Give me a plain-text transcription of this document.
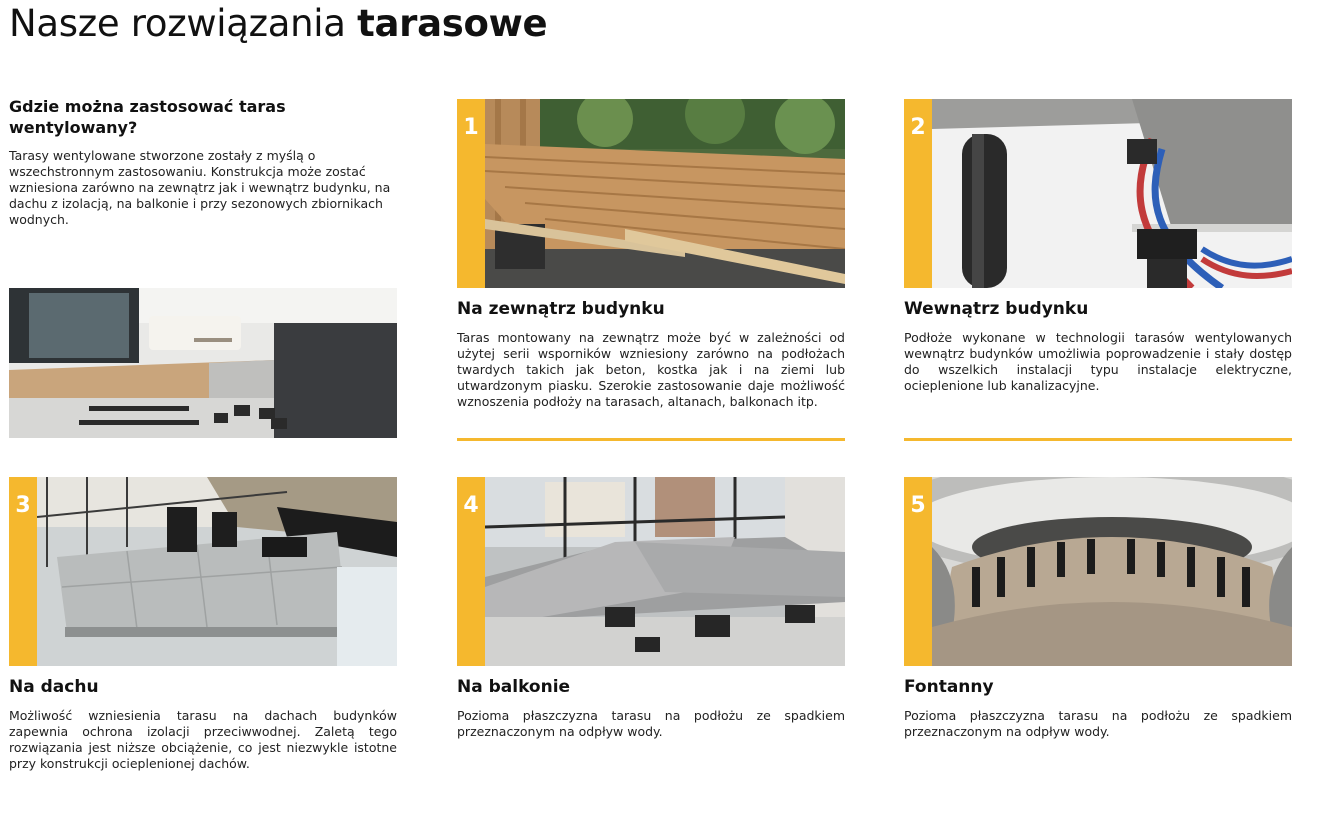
Nasze rozwiązania tarasowe
Gdzie można zastosować taras wentylowany?

Tarasy wentylowane stworzone zostały z myślą o wszechstronnym zastosowaniu. Konstrukcja może zostać wzniesiona zarówno na zewnątrz jak i wewnątrz budynku, na dachu z izolacją, na balkonie i przy sezonowych zbiornikach wodnych.

1
Na zewnątrz budynku

Taras montowany na zewnątrz może być w zależności od użytej serii wsporników wzniesiony zarówno na podłożach twardych takich jak beton, kostka jak i na ziemi lub utwardzonym piasku. Szerokie zastosowanie daje możliwość wznoszenia podłoży na tarasach, altanach, balkonach itp.

2
Wewnątrz budynku

Podłoże wykonane w technologii tarasów wentylowanych wewnątrz budynków umożliwia poprowadzenie i stały dostęp do wszelkich instalacji typu instalacje elektryczne, ocieplenione lub kanalizacyjne.

3
Na dachu

Możliwość wzniesienia tarasu na dachach budynków zapewnia ochrona izolacji przeciwwodnej. Zaletą tego rozwiązania jest niższe obciążenie, co jest niezwykle istotne przy konstrukcji ocieplenionej dachów.

4
Na balkonie

Pozioma płaszczyzna tarasu na podłożu ze spadkiem przeznaczonym na odpływ wody.

5
Fontanny

Pozioma płaszczyzna tarasu na podłożu ze spadkiem przeznaczonym na odpływ wody.
